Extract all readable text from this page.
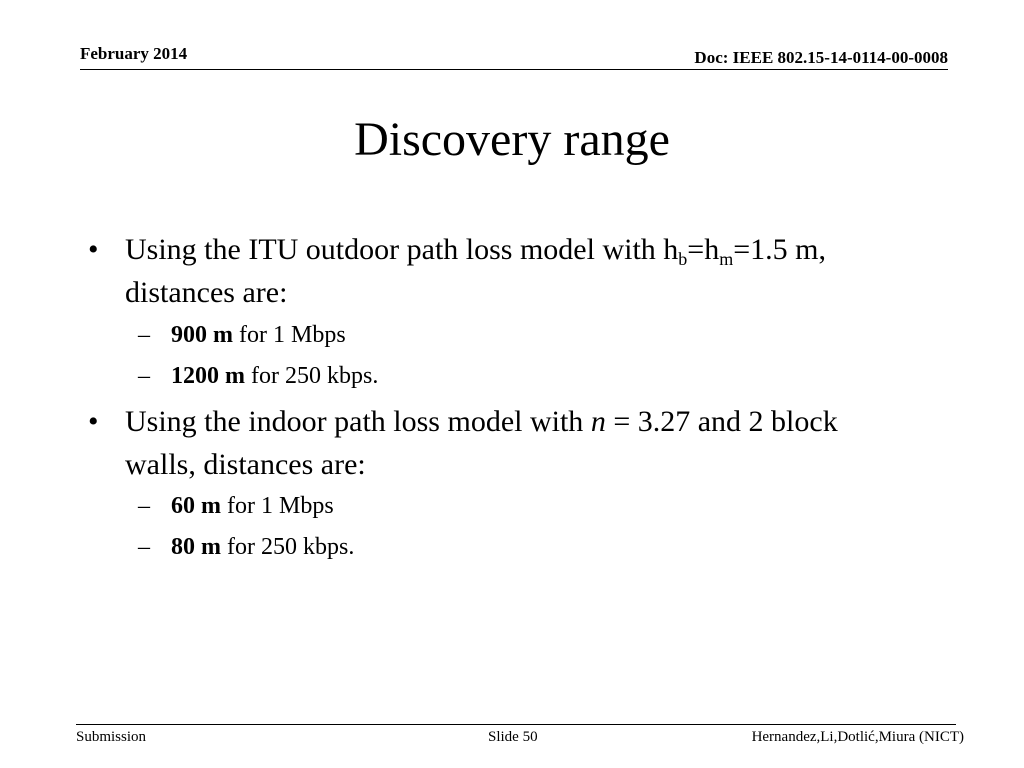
February 2014	Doc: IEEE 802.15-14-0114-00-0008
Discovery range
• Using the ITU outdoor path loss model with $h_b=h_m=1.5$ m,
distances are:
– 900 m for 1 Mbps
– 1200 m for 250 kbps.
• Using the indoor path loss model with n = 3.27 and 2 block
walls, distances are:
– 60 m for 1 Mbps
– 80 m for 250 kbps.
Submission	Slide 50	Hernandez,Li,Dotlić,Miura (NICT)
